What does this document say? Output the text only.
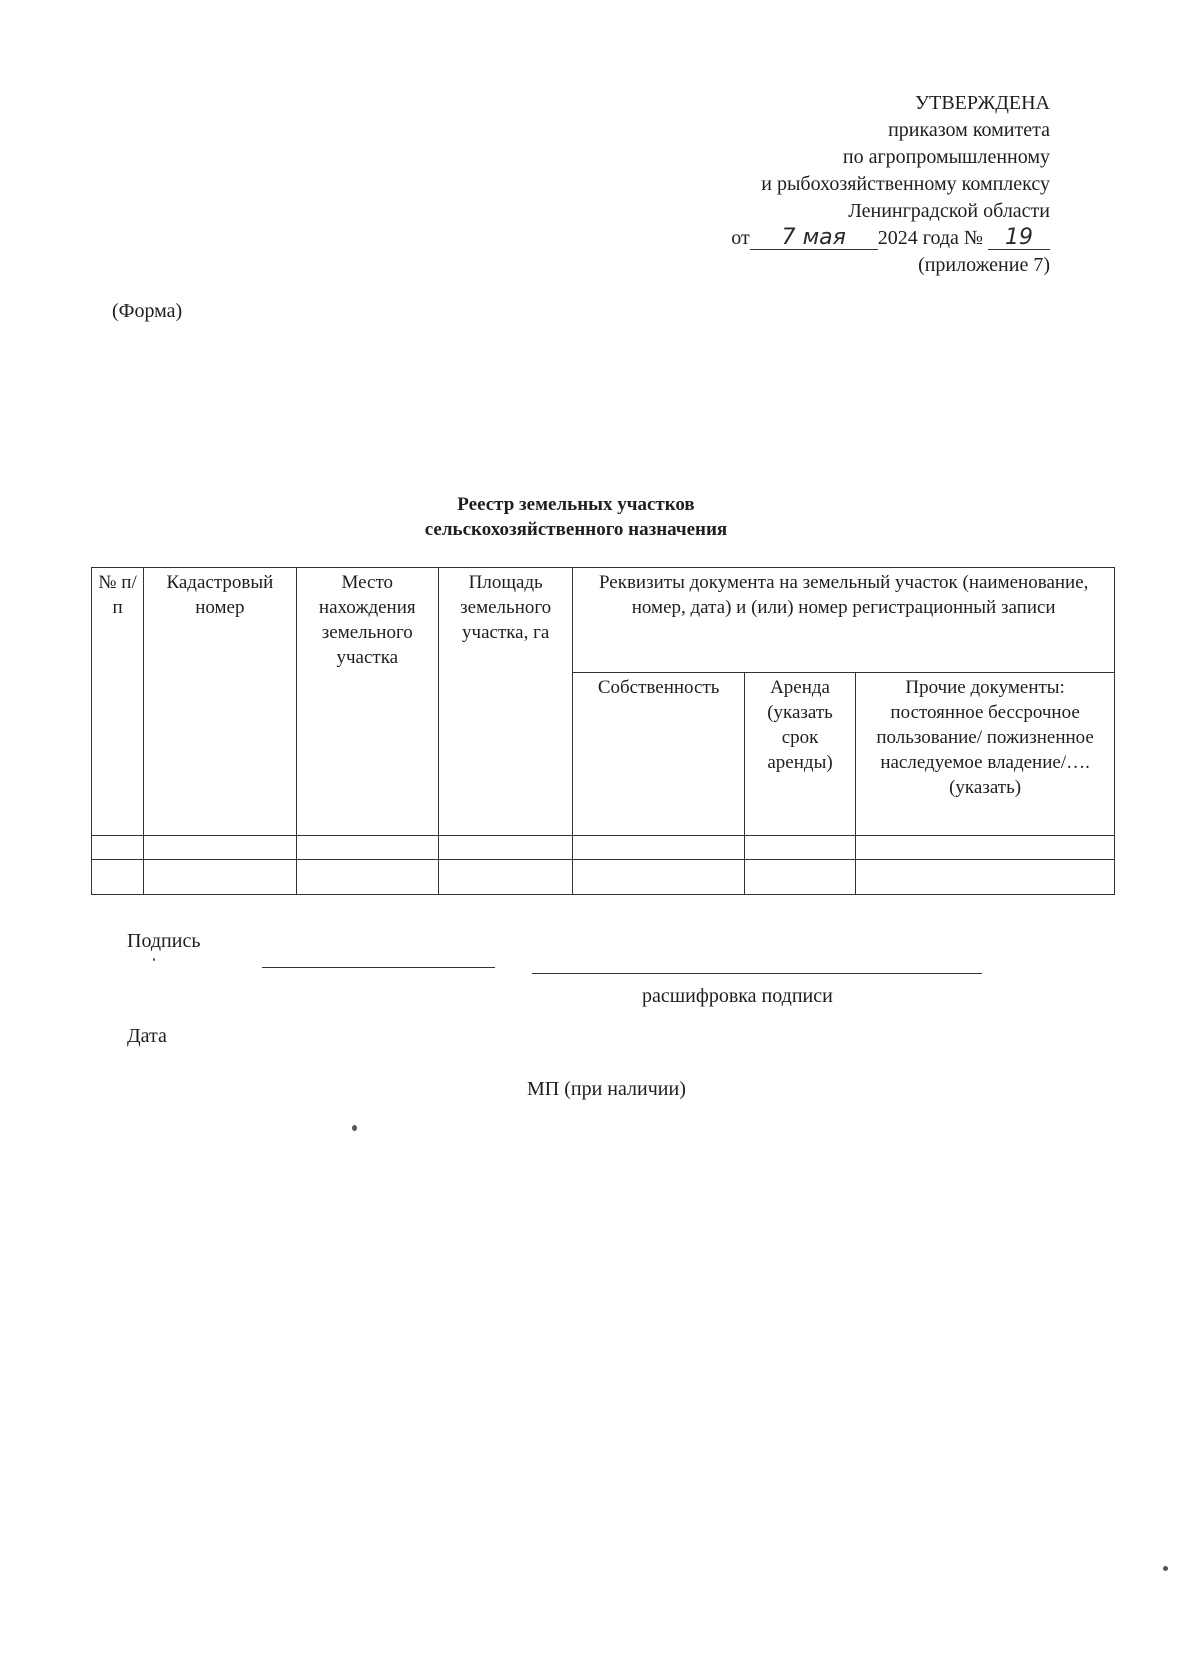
УТВЕРЖДЕНА
приказом комитета
по агропромышленному
и рыбохозяйственному комплексу
Ленинградской области
от 7 мая 2024 года № 19
(приложение 7)
(Форма)
Реестр земельных участков
сельскохозяйственного назначения
№ п/п	Кадастровый номер	Место нахождения земельного участка	Площадь земельного участка, га	Реквизиты документа на земельный участок (наименование, номер, дата) и (или) номер регистрационный записи		
				Собственность	Аренда (указать срок аренды)	Прочие документы: постоянное бессрочное пользование/ пожизненное наследуемое владение/….(указать)

Подпись
расшифровка подписи
Дата
МП (при наличии)
